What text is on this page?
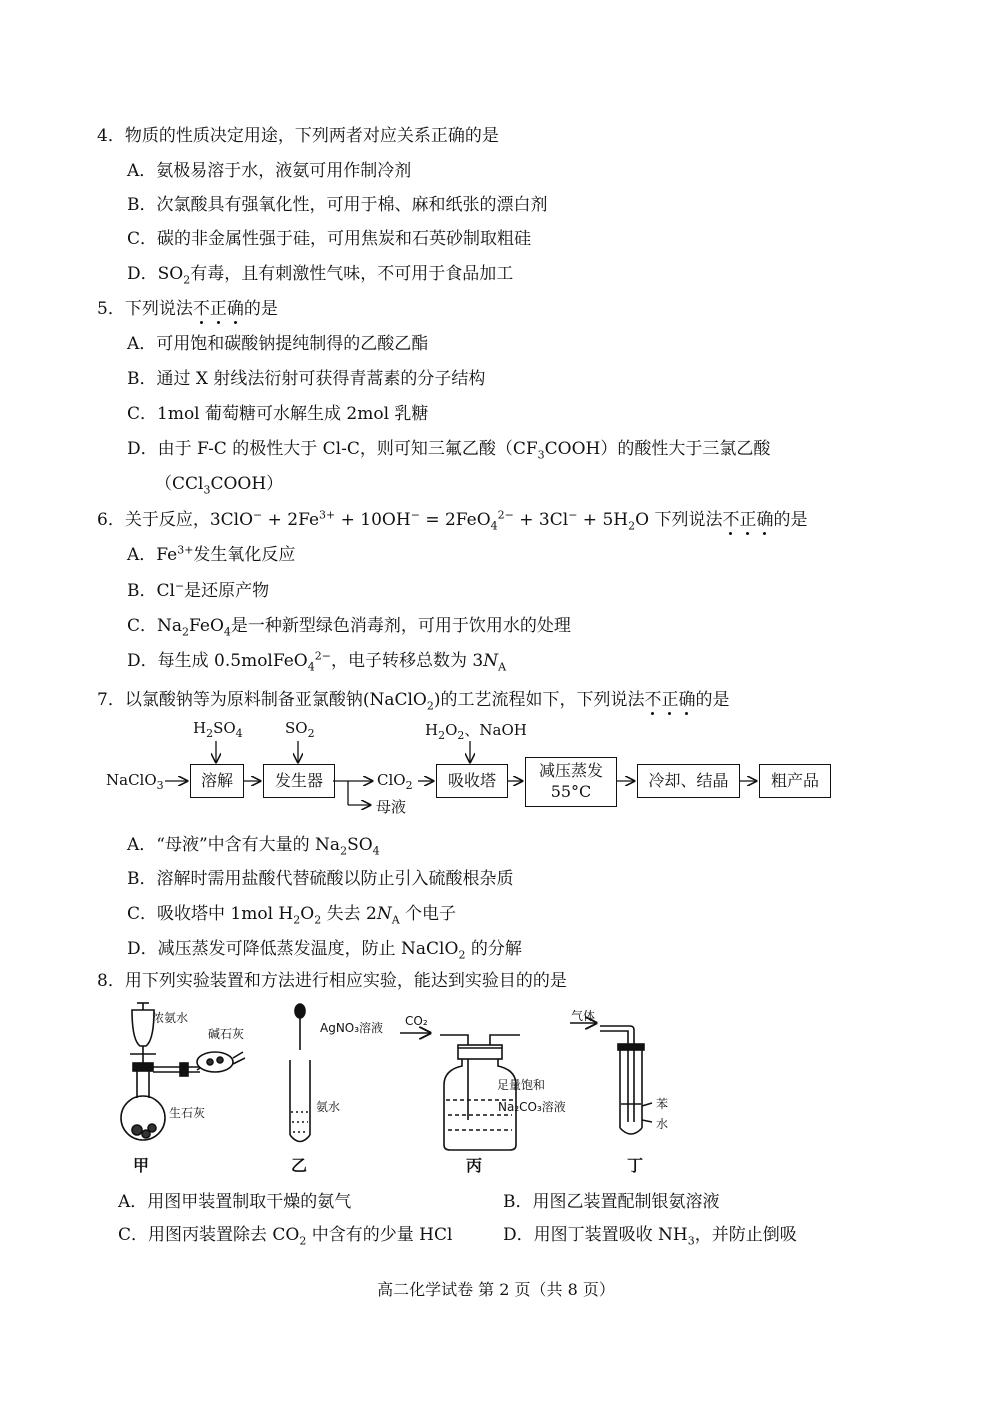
4．物质的性质决定用途，下列两者对应关系正确的是
A．氨极易溶于水，液氨可用作制冷剂
B．次氯酸具有强氧化性，可用于棉、麻和纸张的漂白剂
C．碳的非金属性强于硅，可用焦炭和石英砂制取粗硅
D．$SO_2$有毒，且有刺激性气味，不可用于食品加工
5．下列说法不正确的是
A．可用饱和碳酸钠提纯制得的乙酸乙酯
B．通过 X 射线法衍射可获得青蒿素的分子结构
C．1mol 葡萄糖可水解生成 2mol 乳糖
D．由于 F-C 的极性大于 Cl-C，则可知三氟乙酸$(CF_3COOH)$的酸性大于三氯乙酸
（CCl$_3$COOH）
6．关于反应，$3ClO^- + 2Fe^{3+} + 10OH^- = 2FeO_4^{2-} + 3Cl^- + 5H_2O$ 下列说法不正确的是
A．$Fe^{3+}$发生氧化反应
B．Cl−是还原产物
C．$Na_2FeO_4$是一种新型绿色消毒剂，可用于饮用水的处理
D．每生成 0.5molFeO$_4^{2-}$，电子转移总数为 $3N_A$
7．以氯酸钠等为原料制备亚氯酸钠(NaClO$_2$)的工艺流程如下，下列说法不正确的是
NaClO$_3$	溶解	发生器	吸收塔
减压蒸发
55°C
冷却、结晶	粗产品
$H_2SO_4$	$SO_2$	$H_2O_2$、NaOH
ClO$_2$
母液
A．“母液”中含有大量的 $Na_2SO_4$
B．溶解时需用盐酸代替硫酸以防止引入硫酸根杂质
C．吸收塔中 1mol $H_2O_2$ 失去 $2N_A$ 个电子
D．减压蒸发可降低蒸发温度，防止 NaClO$_2$ 的分解
8．用下列实验装置和方法进行相应实验，能达到实验目的的是
浓氨水
碱石灰
生石灰
AgNO₃溶液
氨水
CO₂
足量饱和
Na₂CO₃溶液
气体
苯
水
甲	乙	丙	丁
A．用图甲装置制取干燥的氨气	B．用图乙装置配制银氨溶液
C．用图丙装置除去 $CO_2$ 中含有的少量 HCl	D．用图丁装置吸收 $NH_3$，并防止倒吸
高二化学试卷 第 2 页（共 8 页）
